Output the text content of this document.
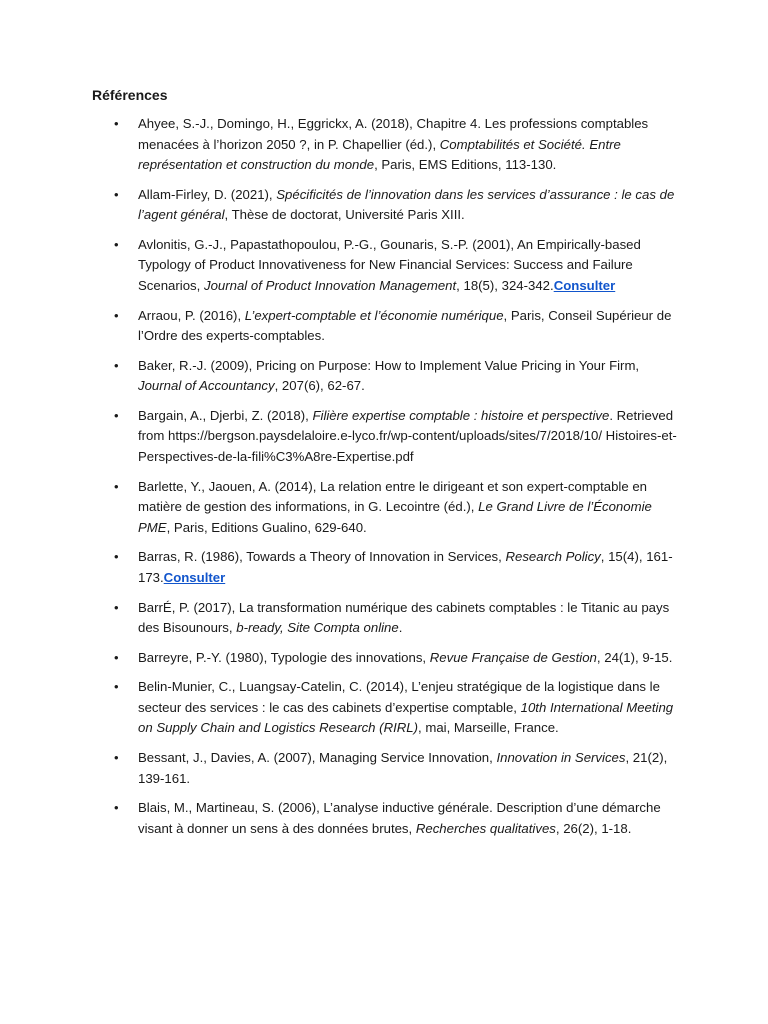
Références
• Ahyee, S.-J., Domingo, H., Eggrickx, A. (2018), Chapitre 4. Les professions comptables menacées à l’horizon 2050 ?, in P. Chapellier (éd.), Comptabilités et Société. Entre représentation et construction du monde, Paris, EMS Editions, 113-130.
• Allam-Firley, D. (2021), Spécificités de l’innovation dans les services d’assurance : le cas de l’agent général, Thèse de doctorat, Université Paris XIII.
• Avlonitis, G.-J., Papastathopoulou, P.-G., Gounaris, S.-P. (2001), An Empirically-based Typology of Product Innovativeness for New Financial Services: Success and Failure Scenarios, Journal of Product Innovation Management, 18(5), 324-342.Consulter
• Arraou, P. (2016), L’expert-comptable et l’économie numérique, Paris, Conseil Supérieur de l’Ordre des experts-comptables.
• Baker, R.-J. (2009), Pricing on Purpose: How to Implement Value Pricing in Your Firm, Journal of Accountancy, 207(6), 62-67.
• Bargain, A., Djerbi, Z. (2018), Filière expertise comptable : histoire et perspective. Retrieved from https://bergson.paysdelaloire.e-lyco.fr/wp-content/uploads/sites/7/2018/10/ Histoires-et-Perspectives-de-la-fili%C3%A8re-Expertise.pdf
• Barlette, Y., Jaouen, A. (2014), La relation entre le dirigeant et son expert-comptable en matière de gestion des informations, in G. Lecointre (éd.), Le Grand Livre de l’Économie PME, Paris, Editions Gualino, 629-640.
• Barras, R. (1986), Towards a Theory of Innovation in Services, Research Policy, 15(4), 161-173.Consulter
• BarrÉ, P. (2017), La transformation numérique des cabinets comptables : le Titanic au pays des Bisounours, b-ready, Site Compta online.
• Barreyre, P.-Y. (1980), Typologie des innovations, Revue Française de Gestion, 24(1), 9-15.
• Belin-Munier, C., Luangsay-Catelin, C. (2014), L’enjeu stratégique de la logistique dans le secteur des services : le cas des cabinets d’expertise comptable, 10th International Meeting on Supply Chain and Logistics Research (RIRL), mai, Marseille, France.
• Bessant, J., Davies, A. (2007), Managing Service Innovation, Innovation in Services, 21(2), 139-161.
• Blais, M., Martineau, S. (2006), L’analyse inductive générale. Description d’une démarche visant à donner un sens à des données brutes, Recherches qualitatives, 26(2), 1-18.
